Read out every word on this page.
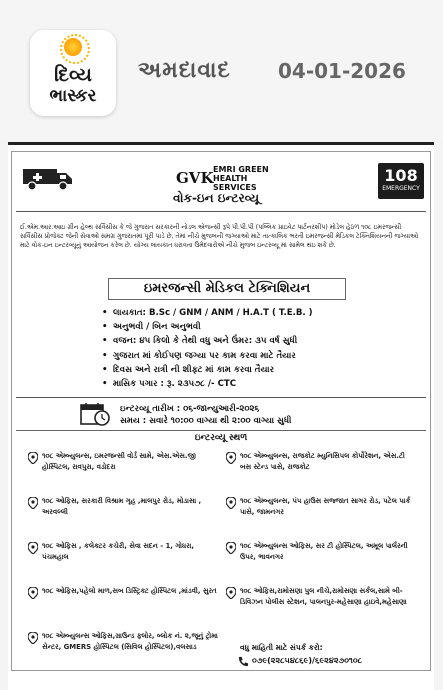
દિવ્ય
ભાસ્કર
અમદાવાદ 04-01-2026
GVK EMRI GREEN HEALTH SERVICES
108
EMERGENCY
વોક-ઇન ઇન્ટરવ્યૂ
ઈ.એમ.આર.આઇ ગ્રીન હેલ્થ સર્વિસીસ કે જે ગુજરાત સરકારની નોડલ એજન્સી રૂપે પી.પી.પી (પબ્લિક પ્રાઇવેટ પાર્ટનરશીપ) મોડેલ હેઠળ ૧૦૮ ઇમરજન્સી સર્વિસીસ પ્રોજેક્ટ જેની સેવાઓ સમગ્ર ગુજરાતમાં પૂરી પાડે છે, તેમાં નીચે મુજબની જગ્યાઓ માટે તાત્કાલિક ભરતી ઇમરજન્સી મેડિકલ ટેક્નિશિયનની જગ્યાઓ માટે વોક-ઇન ઇન્ટરવ્યૂનું આયોજન કરેલ છે. યોગ્ય લાયકાત ધરાવતા ઉમેદવારોએ નીચે મુજબ ઇન્ટરવ્યૂ માં સામેલ થઇ શકે છે.
ઇમરજન્સી મેડિકલ ટેક્નિશિયન
• લાયકાત: B.Sc / GNM / ANM / H.A.T ( T.E.B. )
• અનુભવી / બિન અનુભવી
• વજન: ૪૫ કિલો કે તેથી વધુ અને ઉંમર: ૩૫ વર્ષ સુધી
• ગુજરાત માં કોઈપણ જગ્યા પર કામ કરવા માટે તૈયાર
• દિવસ અને રાત્રી ની શીફ્ટ માં કામ કરવા તૈયાર
• માસિક પગાર : રૂ. ૨૩૫૭૮ /- CTC
ઇન્ટરવ્યૂ તારીખ : ૦૬-જાન્યુઆરી-૨૦૨૬
સમય : સવારે ૧૦:૦૦ વાગ્યા થી ૨:૦૦ વાગ્યા સુધી
ઇન્ટરવ્યૂ સ્થળ
૧૦૮ એમ્બ્યુલન્સ, ઇમરજન્સી વોર્ડ સામે, એસ.એસ.જી હોસ્પિટલ, રાવપુરા, વડોદરા
૧૦૮ એમ્બ્યુલન્સ, રાજકોટ મ્યુનિસિપલ કોર્પોરેશન, એસ.ટી બસ સ્ટેન્ડ પાસે, રાજકોટ
૧૦૮ ઓફિસ, સરકારી વિશ્રામ ગૃહ ,માલપુર રોડ, મોડાસા , અરવલ્લી
૧૦૮ એમ્બ્યુલન્સ, પંપ હાઉસ સજ્જાત સાગર રોડ, પટેલ પાર્ક પાસે, જામનગર
૧૦૮ ઓફિસ , કલેક્ટર કચેરી, સેવા સદન - 1, ગોધરા, પંચમહાલ
૧૦૮ એમ્બ્યુલન્સ ઓફિસ, સર ટી હોસ્પિટલ, અમૂલ પાર્લરની ઉપર, ભાવનગર
૧૦૮ ઓફિસ,પહેલો માળ,સબ ડિસ્ટ્રિક્ટ હોસ્પિટલ ,માંડવી, સુરત	૧૦૮ ઓફિસ,રામોસણા પુલ નીચે,રામોસણા સર્કલ,સામે બી-ડિવિઝન પોલીસ સ્ટેશન, પાલનપુર-મહેસાણા હાઇવે,મહેસાણા
૧૦૮ એમ્બ્યુલન્સ ઓફિસ,ગ્રાઉન્ડ ફ્લોર, બ્લોક નં. ૨,જૂનું ટ્રોમા સેન્ટર, GMERS હોસ્પિટલ (સિવિલ હોસ્પિટલ),વલસાડ	વધુ માહિતી માટે સંપર્ક કરો:
૦૭૯(૨૨૮૫૪૮૬૯)/૬૯૨૪૨૭૦૧૦૮
